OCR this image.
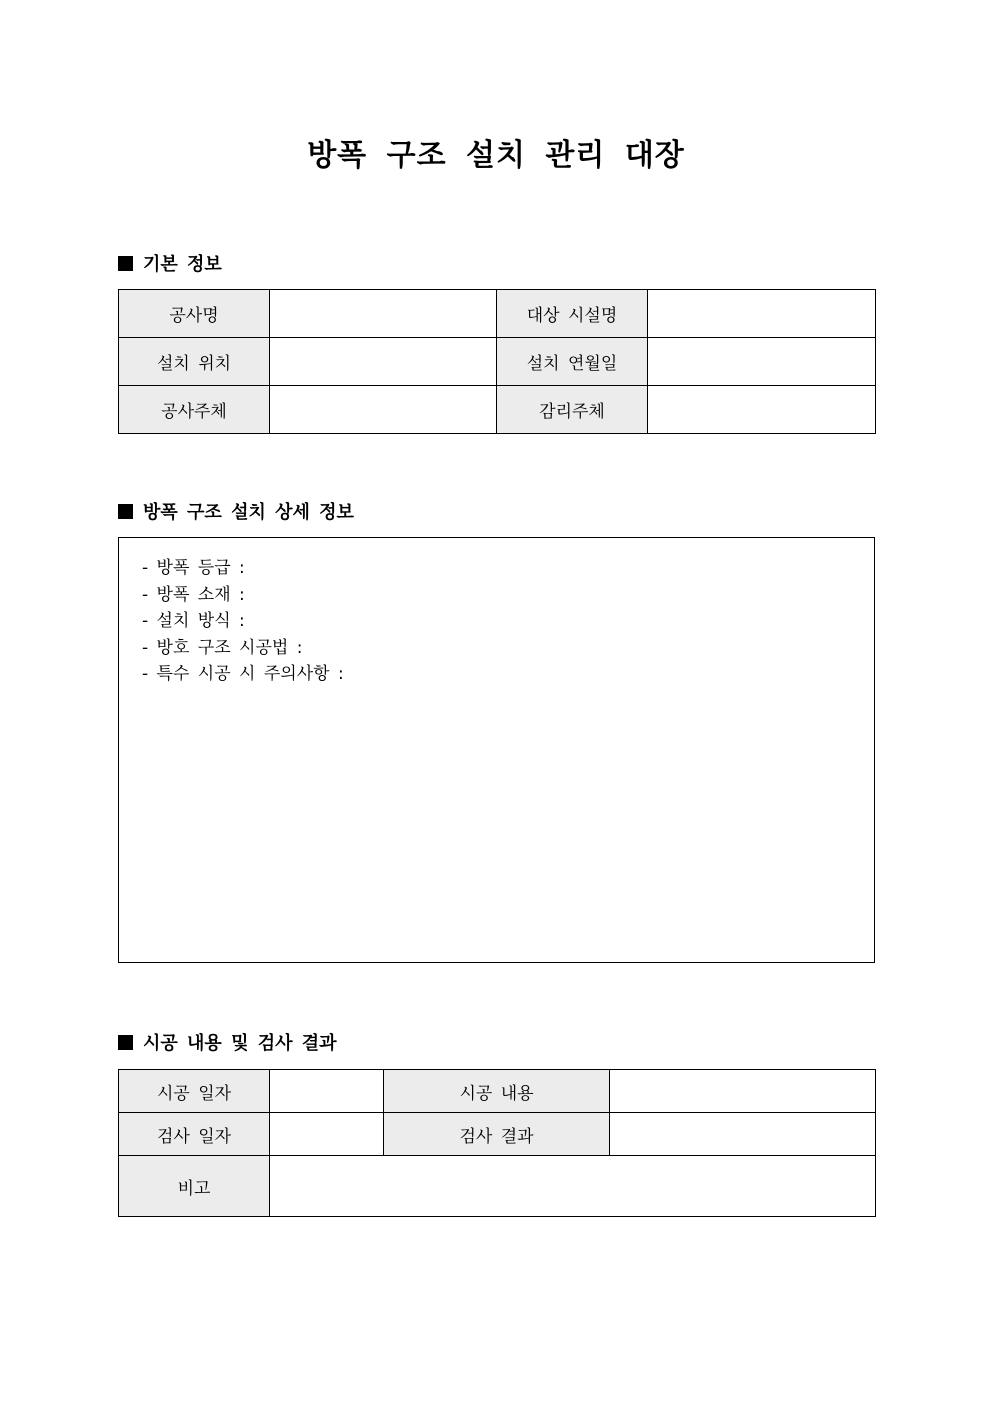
방폭 구조 설치 관리 대장
기본 정보
공사명		대상 시설명	
설치 위치		설치 연월일	
공사주체		감리주체	
방폭 구조 설치 상세 정보
- 방폭 등급 :
- 방폭 소재 :
- 설치 방식 :
- 방호 구조 시공법 :
- 특수 시공 시 주의사항 :
시공 내용 및 검사 결과
시공 일자		시공 내용	
검사 일자		검사 결과	
비고			
